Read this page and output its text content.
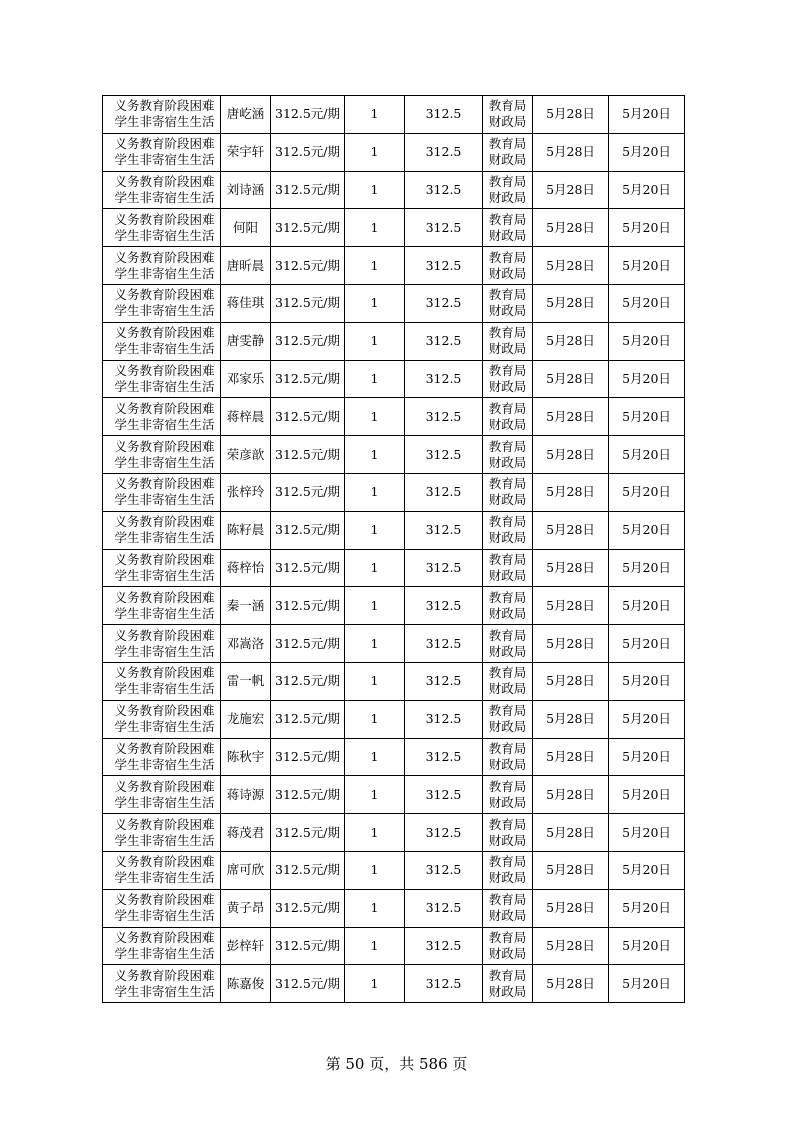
义务教育阶段困难学生非寄宿生生活	唐屹涵	312.5元/期	1	312.5	教育局财政局	5月28日	5月20日
义务教育阶段困难学生非寄宿生生活	荣宇轩	312.5元/期	1	312.5	教育局财政局	5月28日	5月20日
义务教育阶段困难学生非寄宿生生活	刘诗涵	312.5元/期	1	312.5	教育局财政局	5月28日	5月20日
义务教育阶段困难学生非寄宿生生活	何阳	312.5元/期	1	312.5	教育局财政局	5月28日	5月20日
义务教育阶段困难学生非寄宿生生活	唐昕晨	312.5元/期	1	312.5	教育局财政局	5月28日	5月20日
义务教育阶段困难学生非寄宿生生活	蒋佳琪	312.5元/期	1	312.5	教育局财政局	5月28日	5月20日
义务教育阶段困难学生非寄宿生生活	唐雯静	312.5元/期	1	312.5	教育局财政局	5月28日	5月20日
义务教育阶段困难学生非寄宿生生活	邓家乐	312.5元/期	1	312.5	教育局财政局	5月28日	5月20日
义务教育阶段困难学生非寄宿生生活	蒋梓晨	312.5元/期	1	312.5	教育局财政局	5月28日	5月20日
义务教育阶段困难学生非寄宿生生活	荣彦歆	312.5元/期	1	312.5	教育局财政局	5月28日	5月20日
义务教育阶段困难学生非寄宿生生活	张梓玲	312.5元/期	1	312.5	教育局财政局	5月28日	5月20日
义务教育阶段困难学生非寄宿生生活	陈籽晨	312.5元/期	1	312.5	教育局财政局	5月28日	5月20日
义务教育阶段困难学生非寄宿生生活	蒋梓怡	312.5元/期	1	312.5	教育局财政局	5月28日	5月20日
义务教育阶段困难学生非寄宿生生活	秦一涵	312.5元/期	1	312.5	教育局财政局	5月28日	5月20日
义务教育阶段困难学生非寄宿生生活	邓嵩洛	312.5元/期	1	312.5	教育局财政局	5月28日	5月20日
义务教育阶段困难学生非寄宿生生活	雷一帆	312.5元/期	1	312.5	教育局财政局	5月28日	5月20日
义务教育阶段困难学生非寄宿生生活	龙施宏	312.5元/期	1	312.5	教育局财政局	5月28日	5月20日
义务教育阶段困难学生非寄宿生生活	陈秋宇	312.5元/期	1	312.5	教育局财政局	5月28日	5月20日
义务教育阶段困难学生非寄宿生生活	蒋诗源	312.5元/期	1	312.5	教育局财政局	5月28日	5月20日
义务教育阶段困难学生非寄宿生生活	蒋茂君	312.5元/期	1	312.5	教育局财政局	5月28日	5月20日
义务教育阶段困难学生非寄宿生生活	席可欣	312.5元/期	1	312.5	教育局财政局	5月28日	5月20日
义务教育阶段困难学生非寄宿生生活	黄子昂	312.5元/期	1	312.5	教育局财政局	5月28日	5月20日
义务教育阶段困难学生非寄宿生生活	彭梓轩	312.5元/期	1	312.5	教育局财政局	5月28日	5月20日
义务教育阶段困难学生非寄宿生生活	陈嘉俊	312.5元/期	1	312.5	教育局财政局	5月28日	5月20日
第 50 页，共 586 页
